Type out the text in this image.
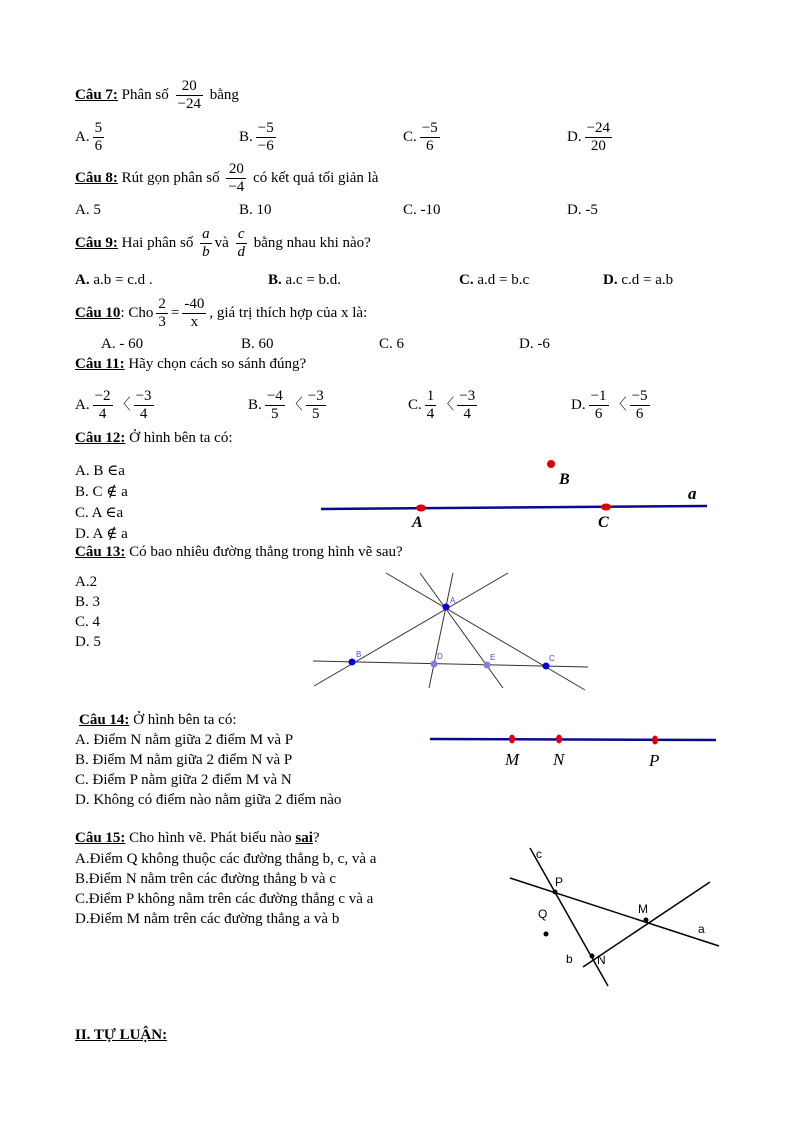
Câu 7: Phân số $\frac{20}{-24}$ bằng
A. $\frac{5}{6}$	B. $\frac{-5}{-6}$	C. $\frac{-5}{6}$	D. $\frac{-24}{20}$
Câu 8: Rút gọn phân số $\frac{20}{-4}$ có kết quả tối giản là
A. 5	B. 10	C. -10	D. -5
Câu 9: Hai phân số $\frac{a}{b}$ và $\frac{c}{d}$ bằng nhau khi nào?
A. a.b = c.d .	B. a.c = b.d.	C. a.d = b.c	D. c.d = a.b
Câu 10: Cho $\frac{2}{3} = \frac{-40}{x}$ , giá trị thích hợp của x là:
A. - 60	B. 60	C. 6	D. -6
Câu 11: Hãy chọn cách so sánh đúng?
A. $\frac{-2}{4}$ 〈 $\frac{-3}{4}$	B. $\frac{-4}{5}$ 〈 $\frac{-3}{5}$	C. $\frac{1}{4}$ 〈 $\frac{-3}{4}$	D. $\frac{-1}{6}$ 〈 $\frac{-5}{6}$
Câu 12: Ở hình bên ta có:
A. B ∈a
B. C ∉ a
C. A ∈a
D. A ∉ a
B
a
A	C
Câu 13: Có bao nhiêu đường thẳng trong hình vẽ sau?
A.2
B. 3
C. 4
D. 5
A
B	D	E	C
Câu 14: Ở hình bên ta có:
A. Điểm N nằm giữa 2 điểm M và P
B. Điểm M nằm giữa 2 điểm N và P
C. Điểm P nằm giữa 2 điểm M và N
D. Không có điểm nào nằm giữa 2 điểm nào
M N	P
Câu 15: Cho hình vẽ. Phát biểu nào sai?
A.Điểm Q không thuộc các đường thẳng b, c, và a
B.Điểm N nằm trên các đường thẳng b và c
C.Điểm P không nằm trên các đường thẳng c và a
D.Điểm M nằm trên các đường thẳng a và b
c
P
Q	M
a
b N
II. TỰ LUẬN:
